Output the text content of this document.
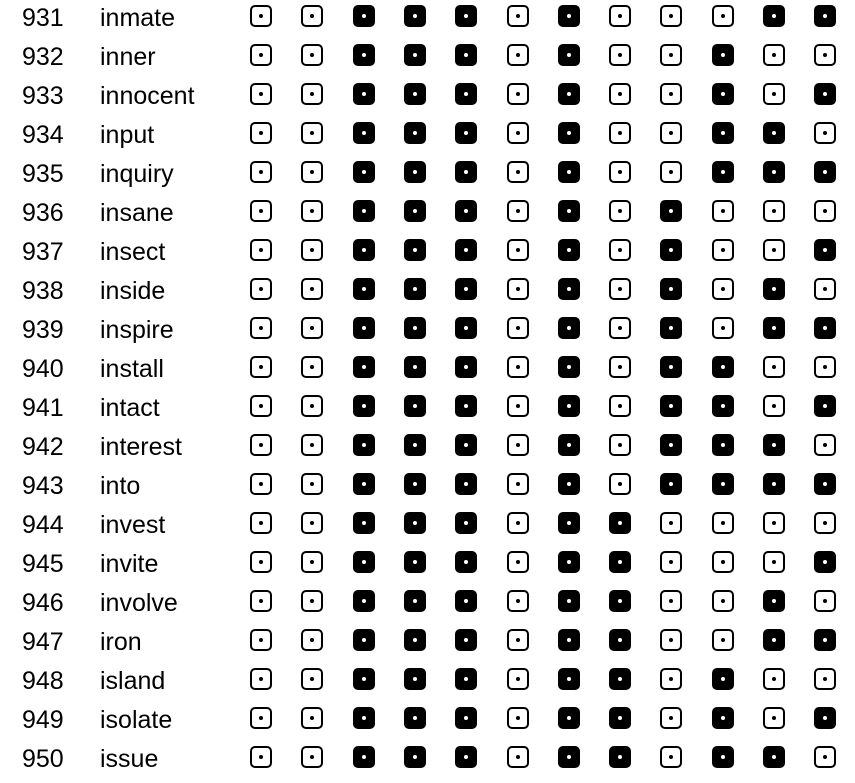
931 inmate
932 inner
933 innocent
934 input
935 inquiry
936 insane
937 insect
938 inside
939 inspire
940 install
941 intact
942 interest
943 into
944 invest
945 invite
946 involve
947 iron
948 island
949 isolate
950 issue
